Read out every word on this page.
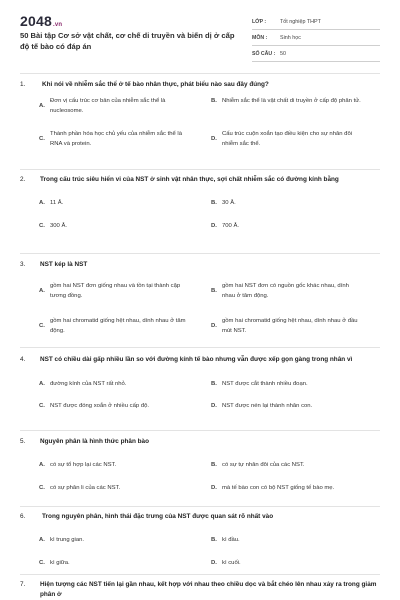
2048.vn
50 Bài tập Cơ sở vật chất, cơ chế di truyền và biến dị ở cấp độ tế bào có đáp án
LỚP :	Tốt nghiệp THPT
MÔN :	Sinh học
SỐ CÂU : 50
1.	Khi nói về nhiễm sắc thể ở tế bào nhân thực, phát biểu nào sau đây đúng?
A.
Đơn vị cấu trúc cơ bản của nhiễm sắc thể là nucleosome.
B. Nhiễm sắc thể là vật chất di truyền ở cấp độ phân tử.
C.
Thành phần hóa học chủ yếu của nhiễm sắc thể là RNA và protein.
D.
Cấu trúc cuộn xoắn tạo điều kiện cho sự nhân đôi nhiễm sắc thể.
2.	Trong cấu trúc siêu hiển vi của NST ở sinh vật nhân thực, sợi chất nhiễm sắc có đường kính bằng
A. 11 Å.	B. 30 Å.
C. 300 Å.	D. 700 Å.
3.	NST kép là NST
A.
gồm hai NST đơn giống nhau và tồn tại thành cặp tương đồng.
B.
gồm hai NST đơn có nguồn gốc khác nhau, dính nhau ở tâm động.
C.
gồm hai chromatid giống hệt nhau, dính nhau ở tâm động.
D.
gồm hai chromatid giống hệt nhau, dính nhau ở đầu mút NST.
4.	NST có chiều dài gấp nhiều lần so với đường kính tế bào nhưng vẫn được xếp gọn gàng trong nhân vì
A. đường kính của NST rất nhỏ.	B. NST được cắt thành nhiều đoạn.
C. NST được đóng xoắn ở nhiều cấp độ.	D. NST được nén lại thành nhân con.
5.	Nguyên phân là hình thức phân bào
A. có sự tổ hợp lại các NST.	B. có sự tự nhân đôi của các NST.
C. có sự phân li của các NST.	D. mà tế bào con có bộ NST giống tế bào mẹ.
6.	Trong nguyên phân, hình thái đặc trưng của NST được quan sát rõ nhất vào
A. kì trung gian.	B. kì đầu.
C. kì giữa.	D. kì cuối.
7.	Hiện tượng các NST tiến lại gần nhau, kết hợp với nhau theo chiều dọc và bắt chéo lên nhau xảy ra trong giảm phân ở
